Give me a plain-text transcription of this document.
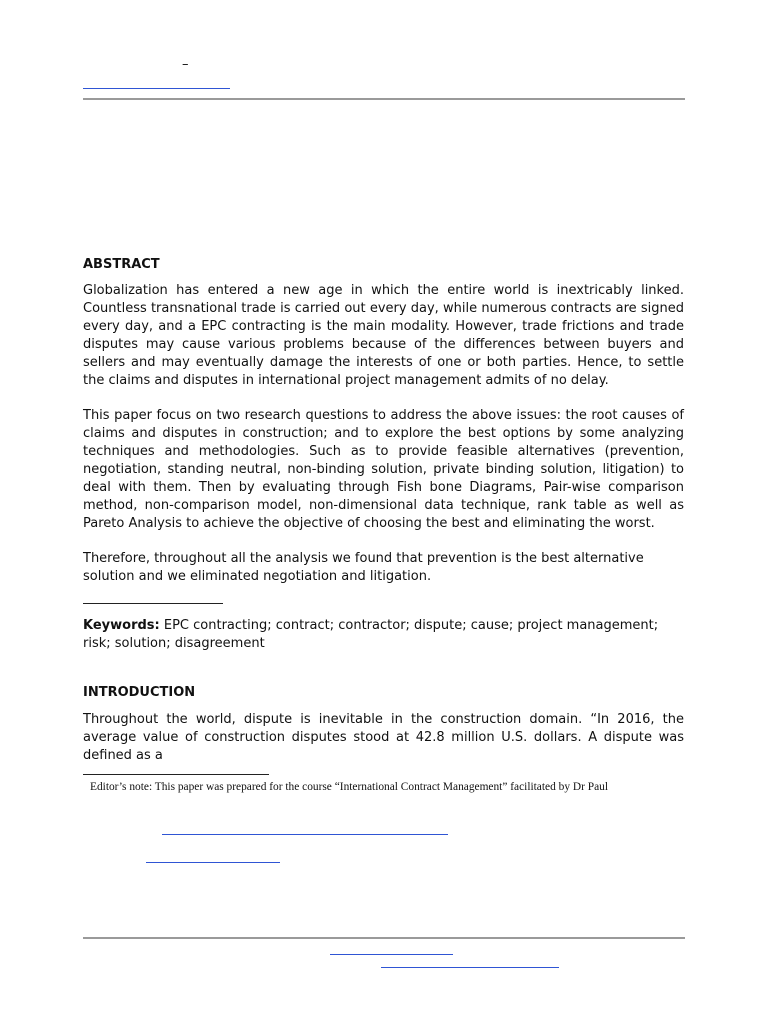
–
ABSTRACT
Globalization has entered a new age in which the entire world is inextricably linked. Countless transnational trade is carried out every day, while numerous contracts are signed every day, and a EPC contracting is the main modality. However, trade frictions and trade disputes may cause various problems because of the differences between buyers and sellers and may eventually damage the interests of one or both parties. Hence, to settle the claims and disputes in international project management admits of no delay.
This paper focus on two research questions to address the above issues: the root causes of claims and disputes in construction; and to explore the best options by some analyzing techniques and methodologies. Such as to provide feasible alternatives (prevention, negotiation, standing neutral, non-binding solution, private binding solution, litigation) to deal with them. Then by evaluating through Fish bone Diagrams, Pair-wise comparison method, non-comparison model, non-dimensional data technique, rank table as well as Pareto Analysis to achieve the objective of choosing the best and eliminating the worst.
Therefore, throughout all the analysis we found that prevention is the best alternative solution and we eliminated negotiation and litigation.
Keywords: EPC contracting; contract; contractor; dispute; cause; project management; risk; solution; disagreement
INTRODUCTION
Throughout the world, dispute is inevitable in the construction domain. “In 2016, the average value of construction disputes stood at 42.8 million U.S. dollars. A dispute was defined as a
Editor’s note: This paper was prepared for the course “International Contract Management” facilitated by Dr Paul
